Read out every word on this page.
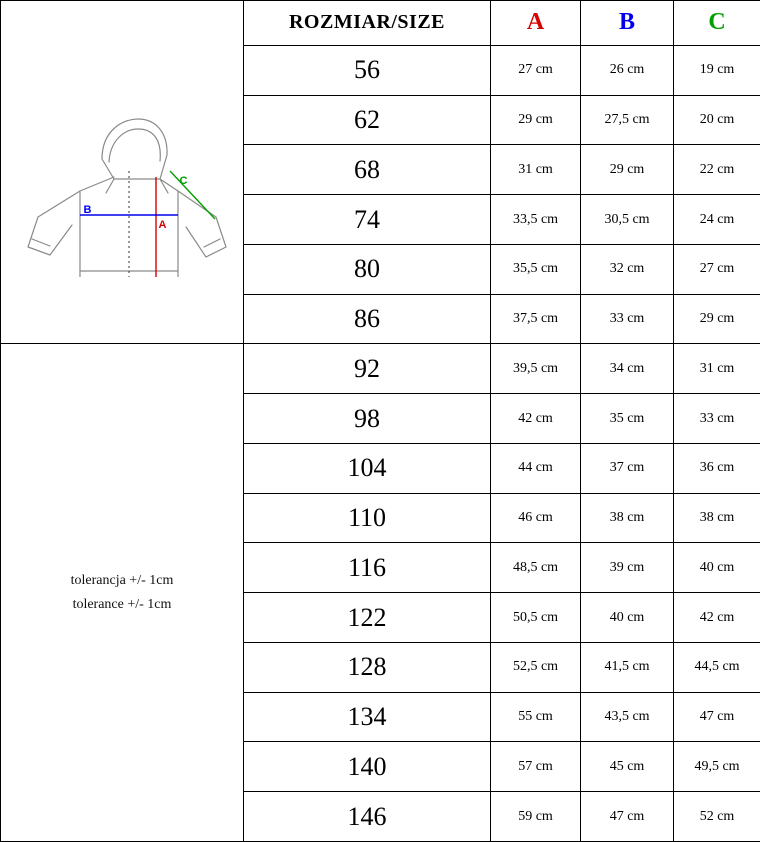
A
B
C	ROZMIAR/SIZE	A	B	C
	56	27 cm	26 cm	19 cm
	62	29 cm	27,5 cm	20 cm
	68	31 cm	29 cm	22 cm
	74	33,5 cm	30,5 cm	24 cm
	80	35,5 cm	32 cm	27 cm
	86	37,5 cm	33 cm	29 cm

tolerancja +/- 1cm
tolerance +/- 1cm	92	39,5 cm	34 cm	31 cm
	98	42 cm	35 cm	33 cm
	104	44 cm	37 cm	36 cm
	110	46 cm	38 cm	38 cm
	116	48,5 cm	39 cm	40 cm
	122	50,5 cm	40 cm	42 cm
	128	52,5 cm	41,5 cm	44,5 cm
	134	55 cm	43,5 cm	47 cm
	140	57 cm	45 cm	49,5 cm
	146	59 cm	47 cm	52 cm
